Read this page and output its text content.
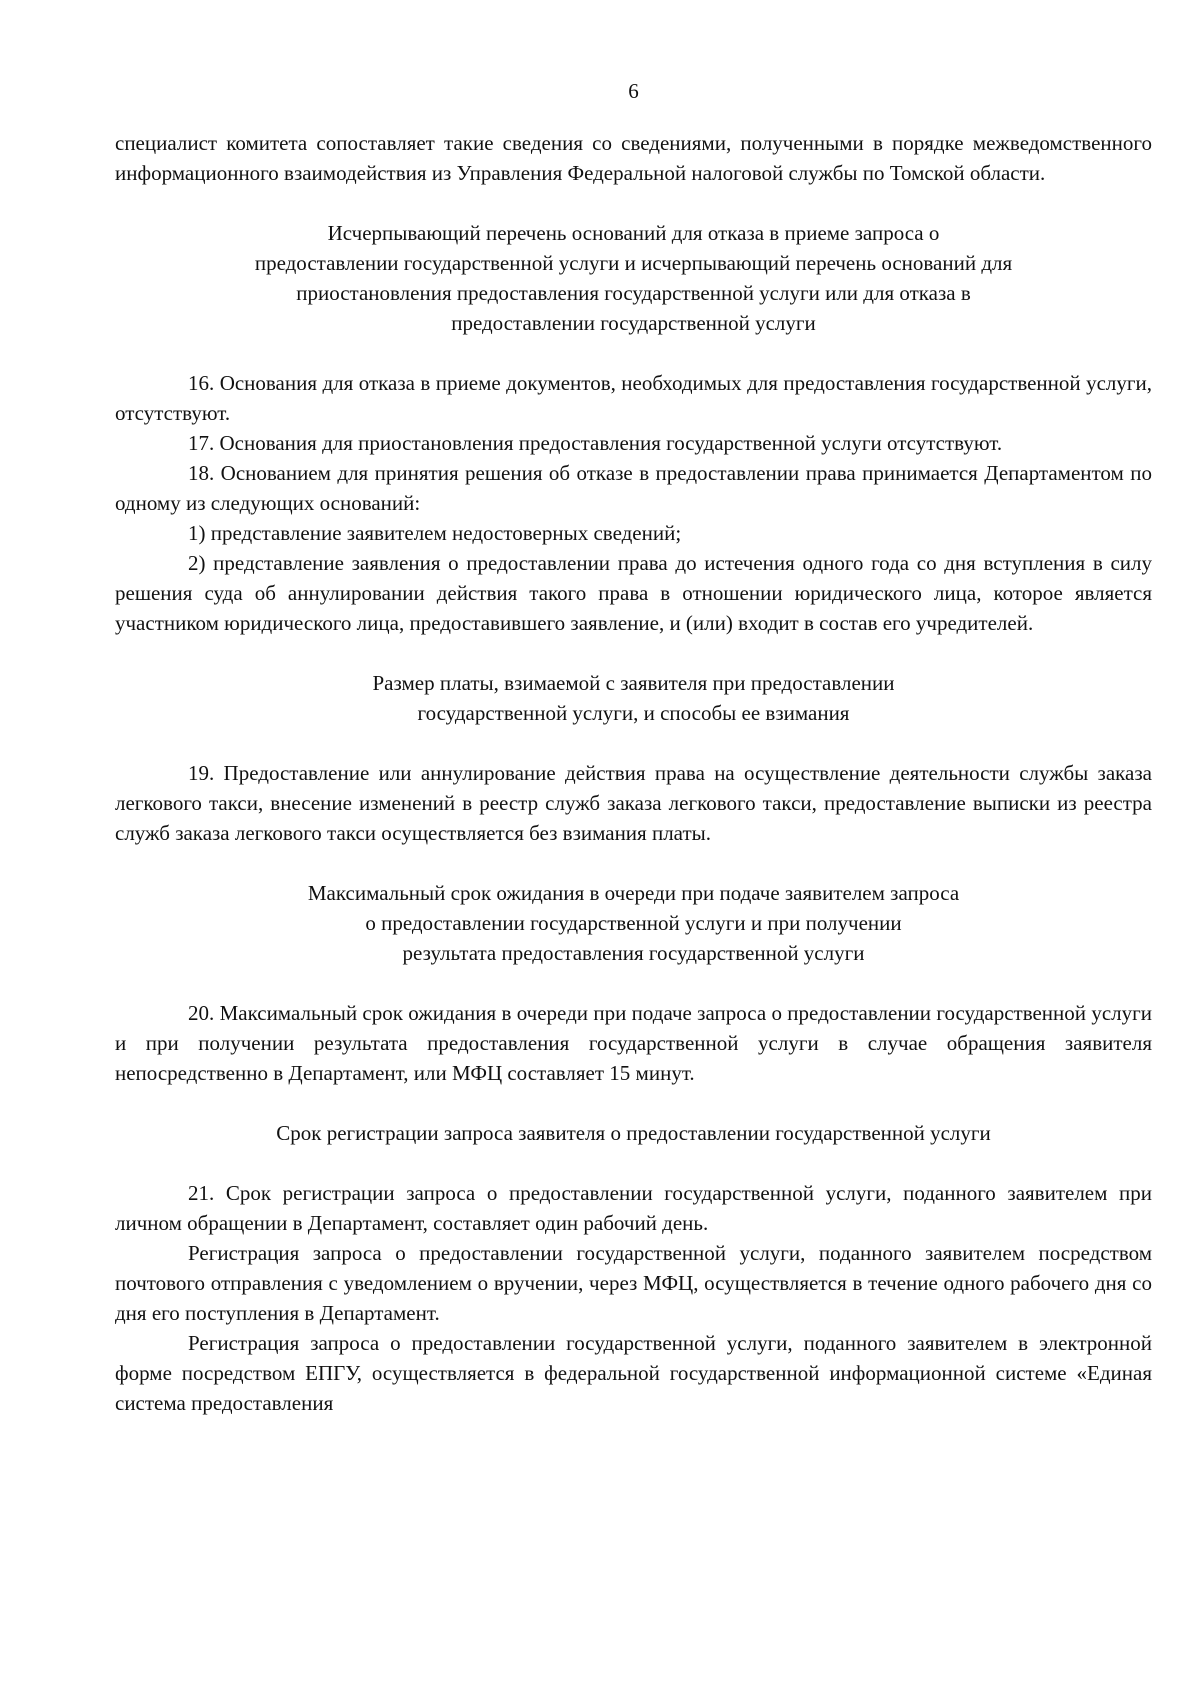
6

специалист комитета сопоставляет такие сведения со сведениями, полученными в порядке межведомственного информационного взаимодействия из Управления Федеральной налоговой службы по Томской области.

Исчерпывающий перечень оснований для отказа в приеме запроса о
предоставлении государственной услуги и исчерпывающий перечень оснований для
приостановления предоставления государственной услуги или для отказа в
предоставлении государственной услуги

16. Основания для отказа в приеме документов, необходимых для предоставления государственной услуги, отсутствуют.

17. Основания для приостановления предоставления государственной услуги отсутствуют.

18. Основанием для принятия решения об отказе в предоставлении права принимается Департаментом по одному из следующих оснований:

1) представление заявителем недостоверных сведений;

2) представление заявления о предоставлении права до истечения одного года со дня вступления в силу решения суда об аннулировании действия такого права в отношении юридического лица, которое является участником юридического лица, предоставившего заявление, и (или) входит в состав его учредителей.

Размер платы, взимаемой с заявителя при предоставлении
государственной услуги, и способы ее взимания

19. Предоставление или аннулирование действия права на осуществление деятельности службы заказа легкового такси, внесение изменений в реестр служб заказа легкового такси, предоставление выписки из реестра служб заказа легкового такси осуществляется без взимания платы.

Максимальный срок ожидания в очереди при подаче заявителем запроса
о предоставлении государственной услуги и при получении
результата предоставления государственной услуги

20. Максимальный срок ожидания в очереди при подаче запроса о предоставлении государственной услуги и при получении результата предоставления государственной услуги в случае обращения заявителя непосредственно в Департамент, или МФЦ составляет 15 минут.

Срок регистрации запроса заявителя о предоставлении государственной услуги

21. Срок регистрации запроса о предоставлении государственной услуги, поданного заявителем при личном обращении в Департамент, составляет один рабочий день.

Регистрация запроса о предоставлении государственной услуги, поданного заявителем посредством почтового отправления с уведомлением о вручении, через МФЦ, осуществляется в течение одного рабочего дня со дня его поступления в Департамент.

Регистрация запроса о предоставлении государственной услуги, поданного заявителем в электронной форме посредством ЕПГУ, осуществляется в федеральной государственной информационной системе «Единая система предоставления
